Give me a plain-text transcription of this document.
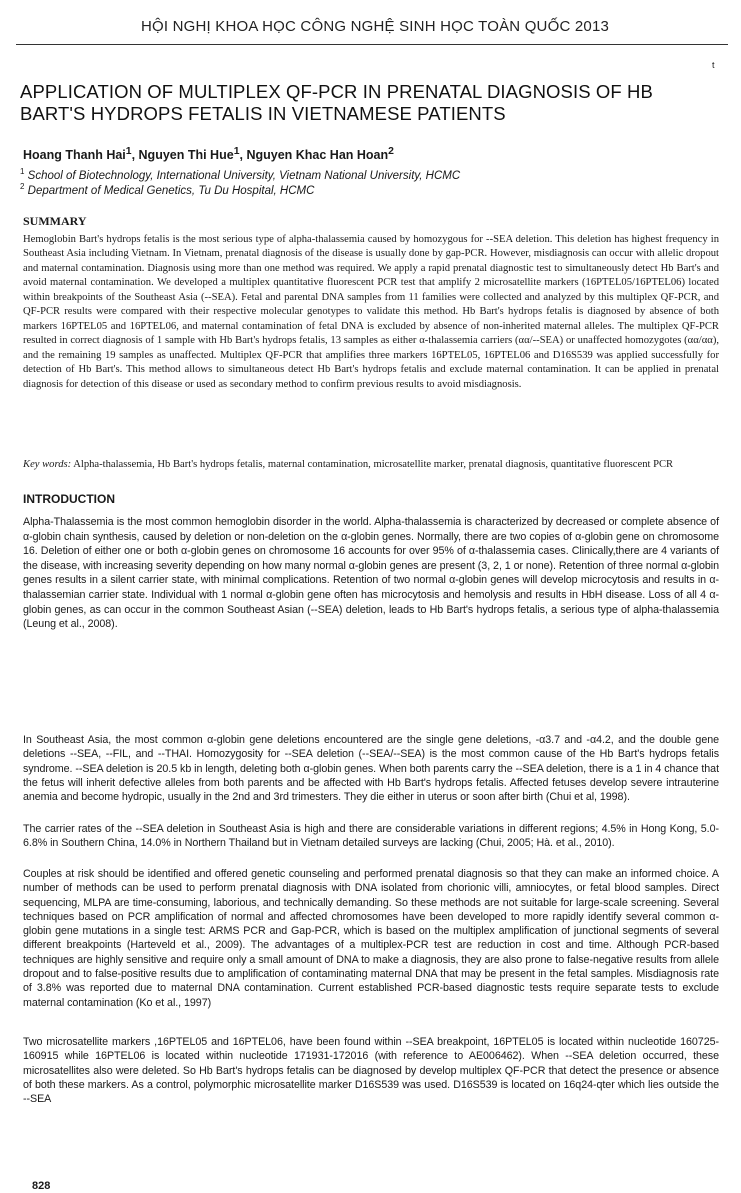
HỘI NGHỊ KHOA HỌC CÔNG NGHỆ SINH HỌC TOÀN QUỐC 2013
t
APPLICATION OF MULTIPLEX QF-PCR IN PRENATAL DIAGNOSIS OF HB BART'S HYDROPS FETALIS IN VIETNAMESE PATIENTS
Hoang Thanh Hai$^1$, Nguyen Thi Hue$^1$, Nguyen Khac Han Hoan$^2$
$^1$ School of Biotechnology, International University, Vietnam National University, HCMC
$^2$ Department of Medical Genetics, Tu Du Hospital, HCMC
SUMMARY

Hemoglobin Bart's hydrops fetalis is the most serious type of alpha-thalassemia caused by homozygous for --SEA deletion. This deletion has highest frequency in Southeast Asia including Vietnam. In Vietnam, prenatal diagnosis of the disease is usually done by gap-PCR. However, misdiagnosis can occur with allelic dropout and maternal contamination. Diagnosis using more than one method was required. We apply a rapid prenatal diagnostic test to simultaneously detect Hb Bart's and avoid maternal contamination. We developed a multiplex quantitative fluorescent PCR test that amplify 2 microsatellite markers (16PTEL05/16PTEL06) located within breakpoints of the Southeast Asia (--SEA). Fetal and parental DNA samples from 11 families were collected and analyzed by this multiplex QF-PCR, and QF-PCR results were compared with their respective molecular genotypes to validate this method. Hb Bart's hydrops fetalis is diagnosed by absence of both markers 16PTEL05 and 16PTEL06, and maternal contamination of fetal DNA is excluded by absence of non-inherited maternal alleles. The multiplex QF-PCR resulted in correct diagnosis of 1 sample with Hb Bart's hydrops fetalis, 13 samples as either α-thalassemia carriers (αα/--SEA) or unaffected homozygotes (αα/αα), and the remaining 19 samples as unaffected. Multiplex QF-PCR that amplifies three markers 16PTEL05, 16PTEL06 and D16S539 was applied successfully for detection of Hb Bart's. This method allows to simultaneous detect Hb Bart's hydrops fetalis and exclude maternal contamination. It can be applied in prenatal diagnosis for detection of this disease or used as secondary method to confirm previous results to avoid misdiagnosis.

Key words: Alpha-thalassemia, Hb Bart's hydrops fetalis, maternal contamination, microsatellite marker, prenatal diagnosis, quantitative fluorescent PCR

INTRODUCTION

Alpha-Thalassemia is the most common hemoglobin disorder in the world. Alpha-thalassemia is characterized by decreased or complete absence of α-globin chain synthesis, caused by deletion or non-deletion on the α-globin genes. Normally, there are two copies of α-globin gene on chromosome 16. Deletion of either one or both α-globin genes on chromosome 16 accounts for over 95% of α-thalassemia cases. Clinically,there are 4 variants of the disease, with increasing severity depending on how many normal α-globin genes are present (3, 2, 1 or none). Retention of three normal α-globin genes results in a silent carrier state, with minimal complications. Retention of two normal α-globin genes will develop microcytosis and results in α-thalassemian carrier state. Individual with 1 normal α-globin gene often has microcytosis and hemolysis and results in HbH disease. Loss of all 4 α-globin genes, as can occur in the common Southeast Asian (--SEA) deletion, leads to Hb Bart's hydrops fetalis, a serious type of alpha-thalassemia (Leung et al., 2008).

In Southeast Asia, the most common α-globin gene deletions encountered are the single gene deletions, -α3.7 and -α4.2, and the double gene deletions --SEA, --FIL, and --THAI. Homozygosity for --SEA deletion (--SEA/--SEA) is the most common cause of the Hb Bart's hydrops fetalis syndrome. --SEA deletion is 20.5 kb in length, deleting both α-globin genes. When both parents carry the --SEA deletion, there is a 1 in 4 chance that the fetus will inherit defective alleles from both parents and be affected with Hb Bart's hydrops fetalis. Affected fetuses develop severe intrauterine anemia and become hydropic, usually in the 2nd and 3rd trimesters. They die either in uterus or soon after birth (Chui et al, 1998).

The carrier rates of the --SEA deletion in Southeast Asia is high and there are considerable variations in different regions; 4.5% in Hong Kong, 5.0-6.8% in Southern China, 14.0% in Northern Thailand but in Vietnam detailed surveys are lacking (Chui, 2005; Hà. et al., 2010).

Couples at risk should be identified and offered genetic counseling and performed prenatal diagnosis so that they can make an informed choice. A number of methods can be used to perform prenatal diagnosis with DNA isolated from chorionic villi, amniocytes, or fetal blood samples. Direct sequencing, MLPA are time-consuming, laborious, and technically demanding. So these methods are not suitable for large-scale screening. Several techniques based on PCR amplification of normal and affected chromosomes have been developed to more rapidly identify several common α-globin gene mutations in a single test: ARMS PCR and Gap-PCR, which is based on the multiplex amplification of junctional segments of several different breakpoints (Harteveld et al., 2009). The advantages of a multiplex-PCR test are reduction in cost and time. Although PCR-based techniques are highly sensitive and require only a small amount of DNA to make a diagnosis, they are also prone to false-negative results from allele dropout and to false-positive results due to amplification of contaminating maternal DNA that may be present in the fetal samples. Misdiagnosis rate of 3.8% was reported due to maternal DNA contamination. Current established PCR-based diagnostic tests require separate tests to exclude maternal contamination (Ko et al., 1997)

Two microsatellite markers ,16PTEL05 and 16PTEL06, have been found within --SEA breakpoint, 16PTEL05 is located within nucleotide 160725-160915 while 16PTEL06 is located within nucleotide 171931-172016 (with reference to AE006462). When --SEA deletion occurred, these microsatellites also were deleted. So Hb Bart's hydrops fetalis can be diagnosed by develop multiplex QF-PCR that detect the presence or absence of both these markers. As a control, polymorphic microsatellite marker D16S539 was used. D16S539 is located on 16q24-qter which lies outside the --SEA

828
